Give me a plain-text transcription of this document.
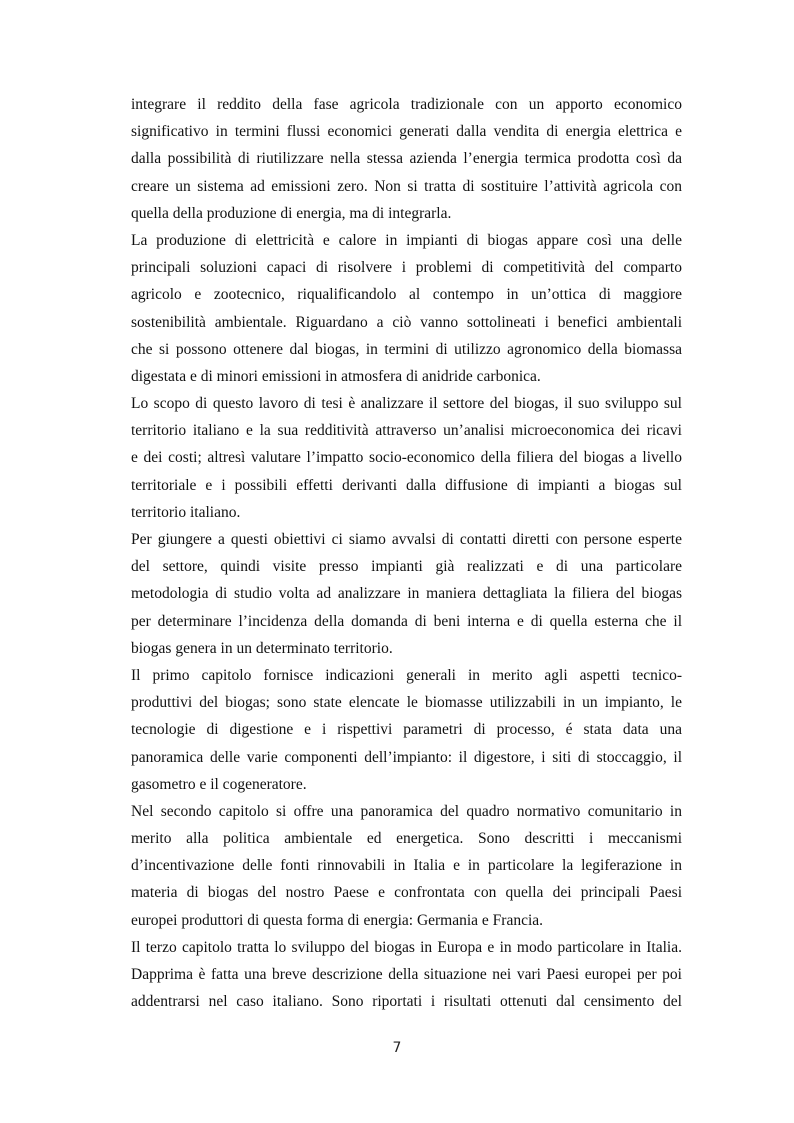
integrare il reddito della fase agricola tradizionale con un apporto economico
significativo in termini flussi economici generati dalla vendita di energia elettrica e
dalla possibilità di riutilizzare nella stessa azienda l’energia termica prodotta così da
creare un sistema ad emissioni zero. Non si tratta di sostituire l’attività agricola con
quella della produzione di energia, ma di integrarla.
La produzione di elettricità e calore in impianti di biogas appare così una delle
principali soluzioni capaci di risolvere i problemi di competitività del comparto
agricolo e zootecnico, riqualificandolo al contempo in un’ottica di maggiore
sostenibilità ambientale. Riguardano a ciò vanno sottolineati i benefici ambientali
che si possono ottenere dal biogas, in termini di utilizzo agronomico della biomassa
digestata e di minori emissioni in atmosfera di anidride carbonica.
Lo scopo di questo lavoro di tesi è analizzare il settore del biogas, il suo sviluppo sul
territorio italiano e la sua redditività attraverso un’analisi microeconomica dei ricavi
e dei costi; altresì valutare l’impatto socio-economico della filiera del biogas a livello
territoriale e i possibili effetti derivanti dalla diffusione di impianti a biogas sul
territorio italiano.
Per giungere a questi obiettivi ci siamo avvalsi di contatti diretti con persone esperte
del settore, quindi visite presso impianti già realizzati e di una particolare
metodologia di studio volta ad analizzare in maniera dettagliata la filiera del biogas
per determinare l’incidenza della domanda di beni interna e di quella esterna che il
biogas genera in un determinato territorio.
Il primo capitolo fornisce indicazioni generali in merito agli aspetti tecnico-
produttivi del biogas; sono state elencate le biomasse utilizzabili in un impianto, le
tecnologie di digestione e i rispettivi parametri di processo, é stata data una
panoramica delle varie componenti dell’impianto: il digestore, i siti di stoccaggio, il
gasometro e il cogeneratore.
Nel secondo capitolo si offre una panoramica del quadro normativo comunitario in
merito alla politica ambientale ed energetica. Sono descritti i meccanismi
d’incentivazione delle fonti rinnovabili in Italia e in particolare la legiferazione in
materia di biogas del nostro Paese e confrontata con quella dei principali Paesi
europei produttori di questa forma di energia: Germania e Francia.
Il terzo capitolo tratta lo sviluppo del biogas in Europa e in modo particolare in Italia.
Dapprima è fatta una breve descrizione della situazione nei vari Paesi europei per poi
addentrarsi nel caso italiano. Sono riportati i risultati ottenuti dal censimento del
7
